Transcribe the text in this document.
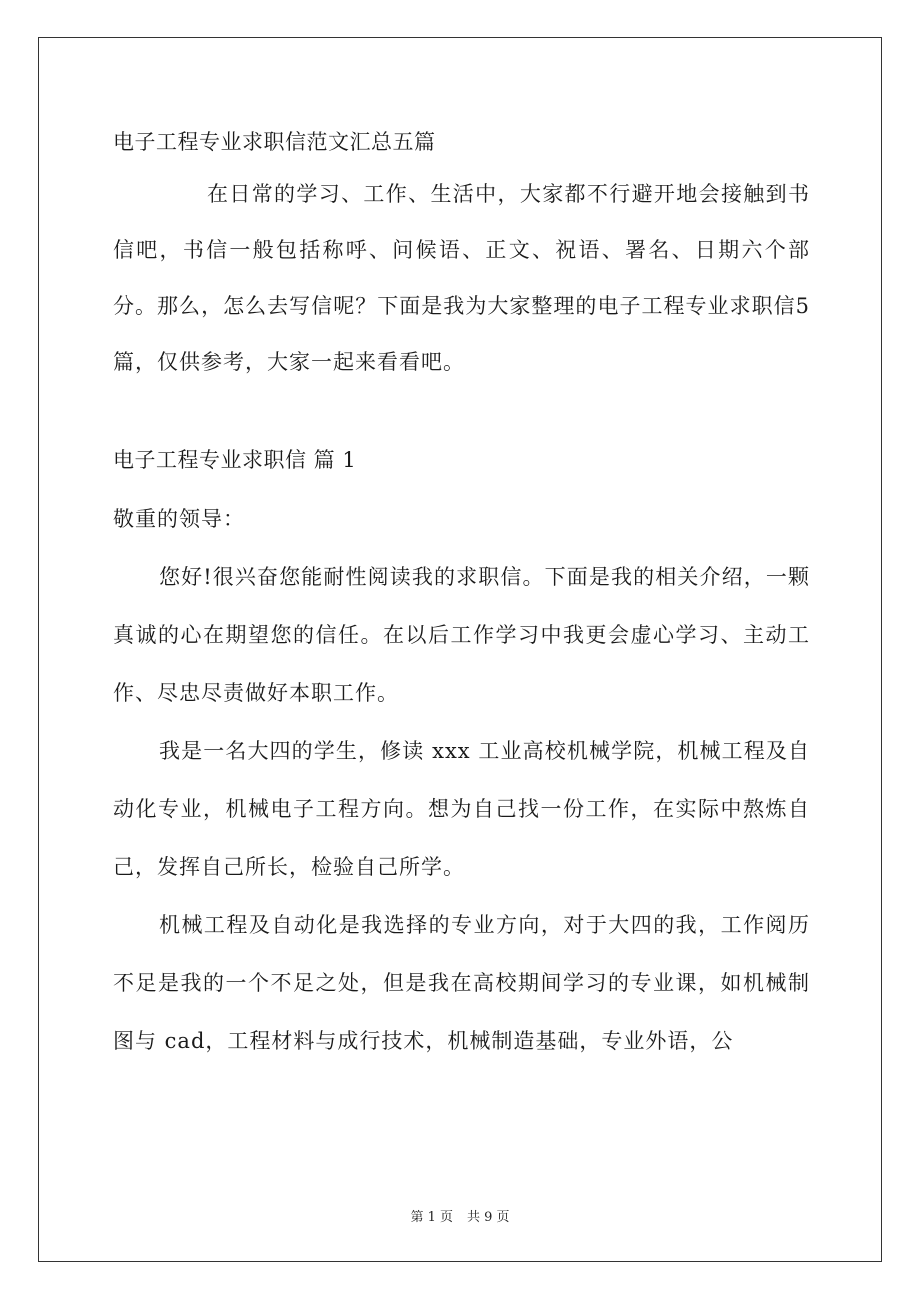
电子工程专业求职信范文汇总五篇

在日常的学习、工作、生活中，大家都不行避开地会接触到书信吧，书信一般包括称呼、问候语、正文、祝语、署名、日期六个部分。那么，怎么去写信呢？下面是我为大家整理的电子工程专业求职信5篇，仅供参考，大家一起来看看吧。

电子工程专业求职信 篇 1
敬重的领导：

您好!很兴奋您能耐性阅读我的求职信。下面是我的相关介绍，一颗真诚的心在期望您的信任。在以后工作学习中我更会虚心学习、主动工作、尽忠尽责做好本职工作。

我是一名大四的学生，修读 xxx 工业高校机械学院，机械工程及自动化专业，机械电子工程方向。想为自己找一份工作，在实际中熬炼自己，发挥自己所长，检验自己所学。

机械工程及自动化是我选择的专业方向，对于大四的我，工作阅历不足是我的一个不足之处，但是我在高校期间学习的专业课，如机械制图与 cad，工程材料与成行技术，机械制造基础，专业外语，公

第 1 页 共 9 页
